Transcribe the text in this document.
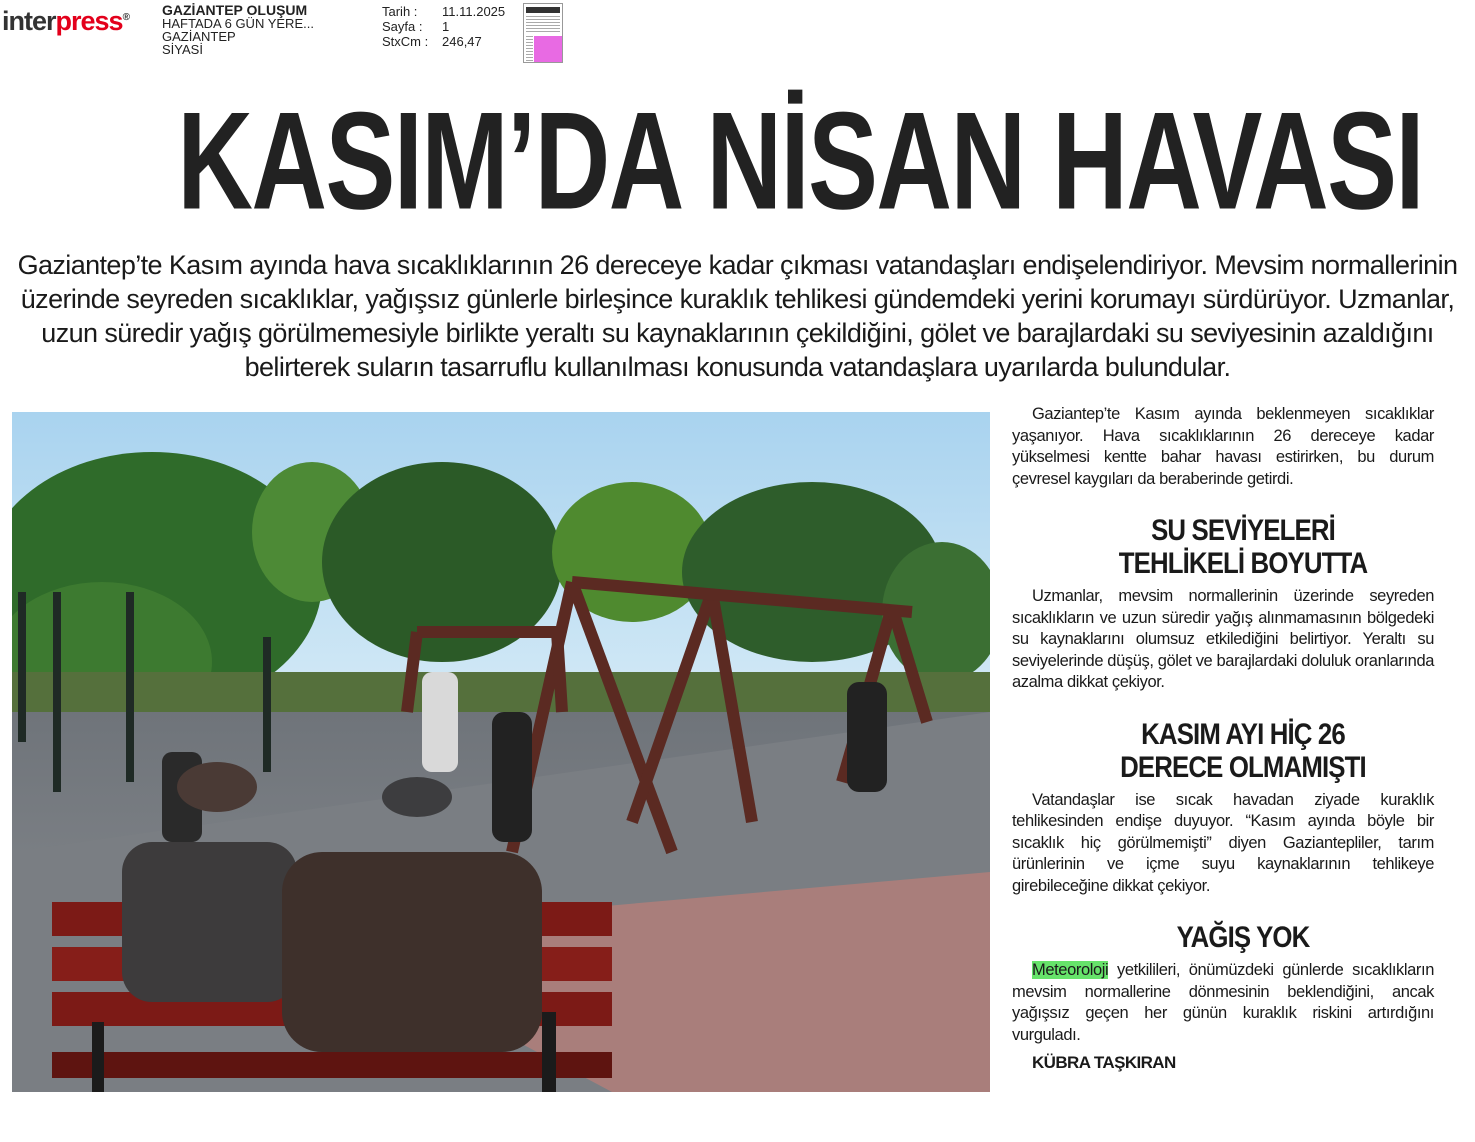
interpress® GAZİANTEP OLUŞUM
HAFTADA 6 GÜN YERE...
GAZİANTEP
SİYASİ
Tarih :	11.11.2025
Sayfa :	1
StxCm :	246,47
KASIM’DA NİSAN HAVASI

Gaziantep’te Kasım ayında hava sıcaklıklarının 26 dereceye kadar çıkması vatandaşları endişelendiriyor. Mevsim normallerinin üzerinde seyreden sıcaklıklar, yağışsız günlerle birleşince kuraklık tehlikesi gündemdeki yerini korumayı sürdürüyor. Uzmanlar, uzun süredir yağış görülmemesiyle birlikte yeraltı su kaynaklarının çekildiğini, gölet ve barajlardaki su seviyesinin azaldığını belirterek suların tasarruflu kullanılması konusunda vatandaşlara uyarılarda bulundular.

Gaziantep’te Kasım ayında beklenmeyen sıcaklıklar yaşanıyor. Hava sıcaklıklarının 26 dereceye kadar yükselmesi kentte bahar havası estirirken, bu durum çevresel kaygıları da beraberinde getirdi.

SU SEVİYELERİ
TEHLİKELİ BOYUTTA

Uzmanlar, mevsim normallerinin üzerinde seyreden sıcaklıkların ve uzun süredir yağış alınmamasının bölgedeki su kaynaklarını olumsuz etkilediğini belirtiyor. Yeraltı su seviyelerinde düşüş, gölet ve barajlardaki doluluk oranlarında azalma dikkat çekiyor.

KASIM AYI HİÇ 26
DERECE OLMAMIŞTI

Vatandaşlar ise sıcak havadan ziyade kuraklık tehlikesinden endişe duyuyor. “Kasım ayında böyle bir sıcaklık hiç görülmemişti” diyen Gaziantepliler, tarım ürünlerinin ve içme suyu kaynaklarının tehlikeye girebileceğine dikkat çekiyor.

YAĞIŞ YOK

Meteoroloji yetkilileri, önümüzdeki günlerde sıcaklıkların mevsim normallerine dönmesinin beklendiğini, ancak yağışsız geçen her günün kuraklık riskini artırdığını vurguladı.

KÜBRA TAŞKIRAN
